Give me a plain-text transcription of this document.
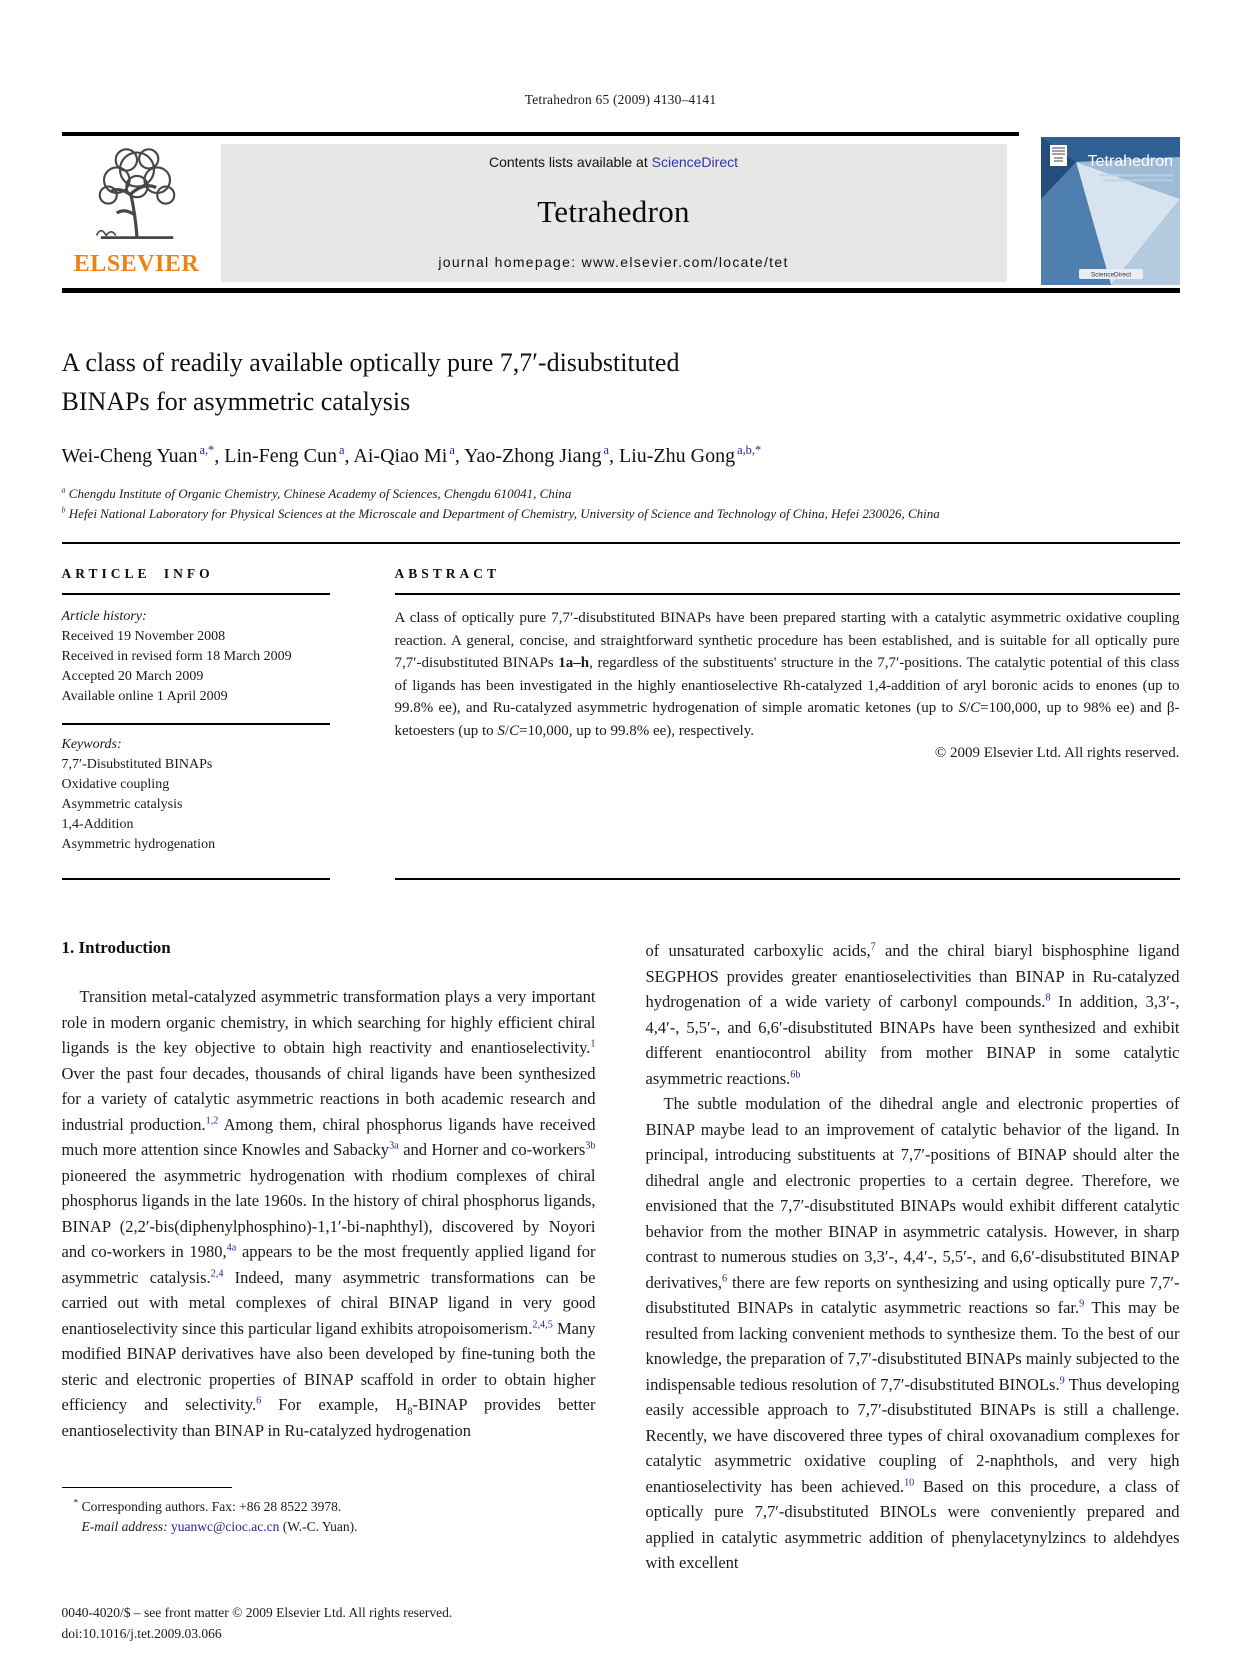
Tetrahedron 65 (2009) 4130–4141
ELSEVIER
Contents lists available at ScienceDirect
Tetrahedron
journal homepage: www.elsevier.com/locate/tet
Tetrahedron
ScienceDirect
A class of readily available optically pure 7,7′-disubstituted
BINAPs for asymmetric catalysis
Wei-Cheng Yuan $^{a,*}$, Lin-Feng Cun $^a$, Ai-Qiao Mi $^a$, Yao-Zhong Jiang $^a$, Liu-Zhu Gong $^{a,b,*}$
$^a$ Chengdu Institute of Organic Chemistry, Chinese Academy of Sciences, Chengdu 610041, China
$^b$ Hefei National Laboratory for Physical Sciences at the Microscale and Department of Chemistry, University of Science and Technology of China, Hefei 230026, China
ARTICLE INFO
Article history:
Received 19 November 2008
Received in revised form 18 March 2009
Accepted 20 March 2009
Available online 1 April 2009
Keywords:
7,7′-Disubstituted BINAPs
Oxidative coupling
Asymmetric catalysis
1,4-Addition
Asymmetric hydrogenation
ABSTRACT

A class of optically pure 7,7′-disubstituted BINAPs have been prepared starting with a catalytic asymmetric oxidative coupling reaction. A general, concise, and straightforward synthetic procedure has been established, and is suitable for all optically pure 7,7′-disubstituted BINAPs 1a–h, regardless of the substituents' structure in the 7,7′-positions. The catalytic potential of this class of ligands has been investigated in the highly enantioselective Rh-catalyzed 1,4-addition of aryl boronic acids to enones (up to 99.8% ee), and Ru-catalyzed asymmetric hydrogenation of simple aromatic ketones (up to S/C=100,000, up to 98% ee) and β-ketoesters (up to S/C=10,000, up to 99.8% ee), respectively.

© 2009 Elsevier Ltd. All rights reserved.
1. Introduction

Transition metal-catalyzed asymmetric transformation plays a very important role in modern organic chemistry, in which searching for highly efficient chiral ligands is the key objective to obtain high reactivity and enantioselectivity.$^1$ Over the past four decades, thousands of chiral ligands have been synthesized for a variety of catalytic asymmetric reactions in both academic research and industrial production.$^{1,2}$ Among them, chiral phosphorus ligands have received much more attention since Knowles and Sabacky$^{3a}$ and Horner and co-workers$^{3b}$ pioneered the asymmetric hydrogenation with rhodium complexes of chiral phosphorus ligands in the late 1960s. In the history of chiral phosphorus ligands, BINAP (2,2′-bis(diphenylphosphino)-1,1′-bi-naphthyl), discovered by Noyori and co-workers in 1980,$^{4a}$ appears to be the most frequently applied ligand for asymmetric catalysis.$^{2,4}$ Indeed, many asymmetric transformations can be carried out with metal complexes of chiral BINAP ligand in very good enantioselectivity since this particular ligand exhibits atropoisomerism.$^{2,4,5}$ Many modified BINAP derivatives have also been developed by fine-tuning both the steric and electronic properties of BINAP scaffold in order to obtain higher efficiency and selectivity.$^6$ For example, $H_8$-BINAP provides better enantioselectivity than BINAP in Ru-catalyzed hydrogenation

* Corresponding authors. Fax: +86 28 8522 3978.
E-mail address: yuanwc@cioc.ac.cn (W.-C. Yuan).

of unsaturated carboxylic acids,$^7$ and the chiral biaryl bisphosphine ligand SEGPHOS provides greater enantioselectivities than BINAP in Ru-catalyzed hydrogenation of a wide variety of carbonyl compounds.$^8$ In addition, 3,3′-, 4,4′-, 5,5′-, and 6,6′-disubstituted BINAPs have been synthesized and exhibit different enantiocontrol ability from mother BINAP in some catalytic asymmetric reactions.$^{6b}$

The subtle modulation of the dihedral angle and electronic properties of BINAP maybe lead to an improvement of catalytic behavior of the ligand. In principal, introducing substituents at 7,7′-positions of BINAP should alter the dihedral angle and electronic properties to a certain degree. Therefore, we envisioned that the 7,7′-disubstituted BINAPs would exhibit different catalytic behavior from the mother BINAP in asymmetric catalysis. However, in sharp contrast to numerous studies on 3,3′-, 4,4′-, 5,5′-, and 6,6′-disubstituted BINAP derivatives,$^6$ there are few reports on synthesizing and using optically pure 7,7′-disubstituted BINAPs in catalytic asymmetric reactions so far.$^9$ This may be resulted from lacking convenient methods to synthesize them. To the best of our knowledge, the preparation of 7,7′-disubstituted BINAPs mainly subjected to the indispensable tedious resolution of 7,7′-disubstituted BINOLs.$^9$ Thus developing easily accessible approach to 7,7′-disubstituted BINAPs is still a challenge. Recently, we have discovered three types of chiral oxovanadium complexes for catalytic asymmetric oxidative coupling of 2-naphthols, and very high enantioselectivity has been achieved.$^{10}$ Based on this procedure, a class of optically pure 7,7′-disubstituted BINOLs were conveniently prepared and applied in catalytic asymmetric addition of phenylacetynylzincs to aldehdyes with excellent

0040-4020/$ – see front matter © 2009 Elsevier Ltd. All rights reserved.
doi:10.1016/j.tet.2009.03.066
